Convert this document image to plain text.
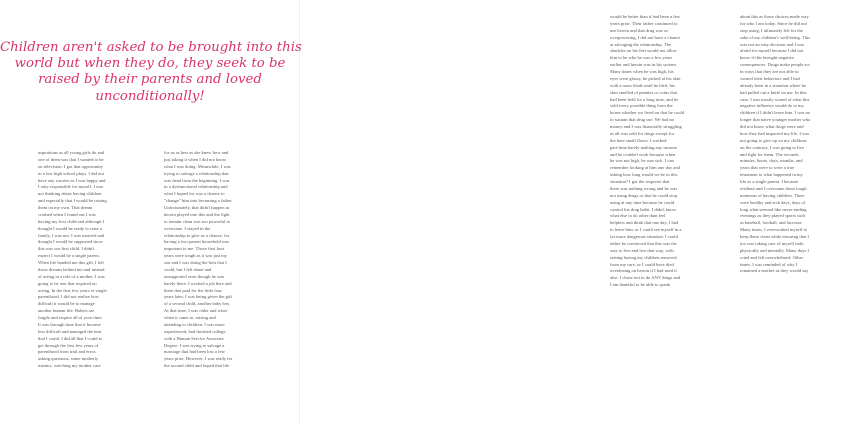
Children aren't asked to be brought into this
world but when they do, they seek to be
raised by their parents and loved
unconditionally!
aspirations as all young girls do and
one of them was that I wanted to be
on television. I got that opportunity
in a few high school plays. I did not
have any worries as I was happy and
I only responsible for myself. I was
not thinking about having children
and especially that I would be raising
them on my own. That dream
crashed when I found out I was
having my first child and although I
thought I would be ready to raise a
family, I was not. I was married and
thought I would be supported since
this was our first child. I didn't
expect I would be a single parent.
When life handed me this gift, I left
those dreams behind me and instead
of acting in a role of a mother, I was
going to be one that required no
acting. In the first few years of single
parenthood, I did not realize how
difficult it would be to manage
another human life. Babies are
fragile and require all of your time.
It was through time that it became
less difficult and managed the best
that I could. I did all that I could to
get through the first few years of
parenthood from trial and error,
asking questions, some motherly
instinct, watching my mother care
for us as best as she knew how and
just taking it when I did not know
what I was doing. Meanwhile, I was
trying to salvage a relationship that
was dead from the beginning. I was
in a dysfunctional relationship and
what I hoped for was a chance to
"change" him into becoming a father.
Unfortunately, that didn't happen as
heroin played into this and the fight
to remain clean was too powerful to
overcome. I stayed in the
relationship to give us a chance, for
having a two-parent household was
important to me. Those first four
years were tough as it was just my
son and I was doing the best that I
could, but I felt alone and
unsupported even though he was
barely there. I worked a job here and
there that paid for the little four
years later, I was being given the gift
of a second child, another baby boy.
At that time, I was older and wiser
when it came to, raising and
attending to children. I was more
experienced, had finished college
with a Human Service Associate
Degree. I was trying to salvage a
marriage that had been lost a few
years prior. However, I was ready for
the second child and hoped that life
would be better than it had been a few
years prior. Their father continued to
use heroin and that drug was so
overpowering, I did not have a chance
at salvaging the relationship. The
shackles on his feet would not allow
him to be who he was a few years
earlier and heroin was in his system.
Many times when he was high, his
eyes were glassy, he picked at his skin
with a razor blade until he bled, his
skin smelled of pennies or coins that
had been held for a long time, and he
sold every possible thing from the
house whether we lived on that he could
to sustain that drug use. We had no
money and I was financially struggling
as all was sold for drugs except for
the bare small floors. I worked
part-time barely making any income
and he couldn't work because when
he was not high, he was sick. I can
remember looking at him one day and
asking how long would we be in this
situation? I got the response that
there was nothing wrong and he was
not using drugs or that he could stop
using at any time because he could
control his drug habit. I didn't know
what else to do other than feel
helpless and think that one day, I had
to leave him, or I could see myself in a
far more dangerous situation. I could
either be convinced that this was the
way to live and live that way; with
raising having my children removed
from my care, or I could have died
overdosing on heroin if I had used it
also. I chose not to do ANY drugs and
I am thankful to be able to speak
about this as those choices made way
for who I am today. Since he did not
stop using, I ultimately left for the
sake of my children's well-being. This
was not an easy decision and I was
afraid for myself because I did not
know if this brought negative
consequences. Drugs make people act
in ways that they are not able to
control their behaviors and I had
already been in a situation where he
had pulled out a knife on me. In this
case, I was mostly scared of what this
negative influence would do to my
children if I didn't leave him. I was no
longer that naive younger mother who
did not know what drugs were and
how they had impacted my life. I was
not going to give up on my children;
on the contrary, I was going to live
and fight for them. The seconds,
minutes, hours, days, months, and
years that were to were a true
testament to what happened in my
life as a single parent. I became
resilient and I overcame those tough
moments of having children. There
were healthy and sick days, days of
long what seemed like never-ending
evenings as they played sports such
as baseball, football, and lacrosse.
Many times, I overworked myself to
keep them clean while ensuring that I
too was taking care of myself both
physically and mentally. Many days I
cried and felt overwhelmed. Other
times, I was reminded of why I
remained a mother as they would say
